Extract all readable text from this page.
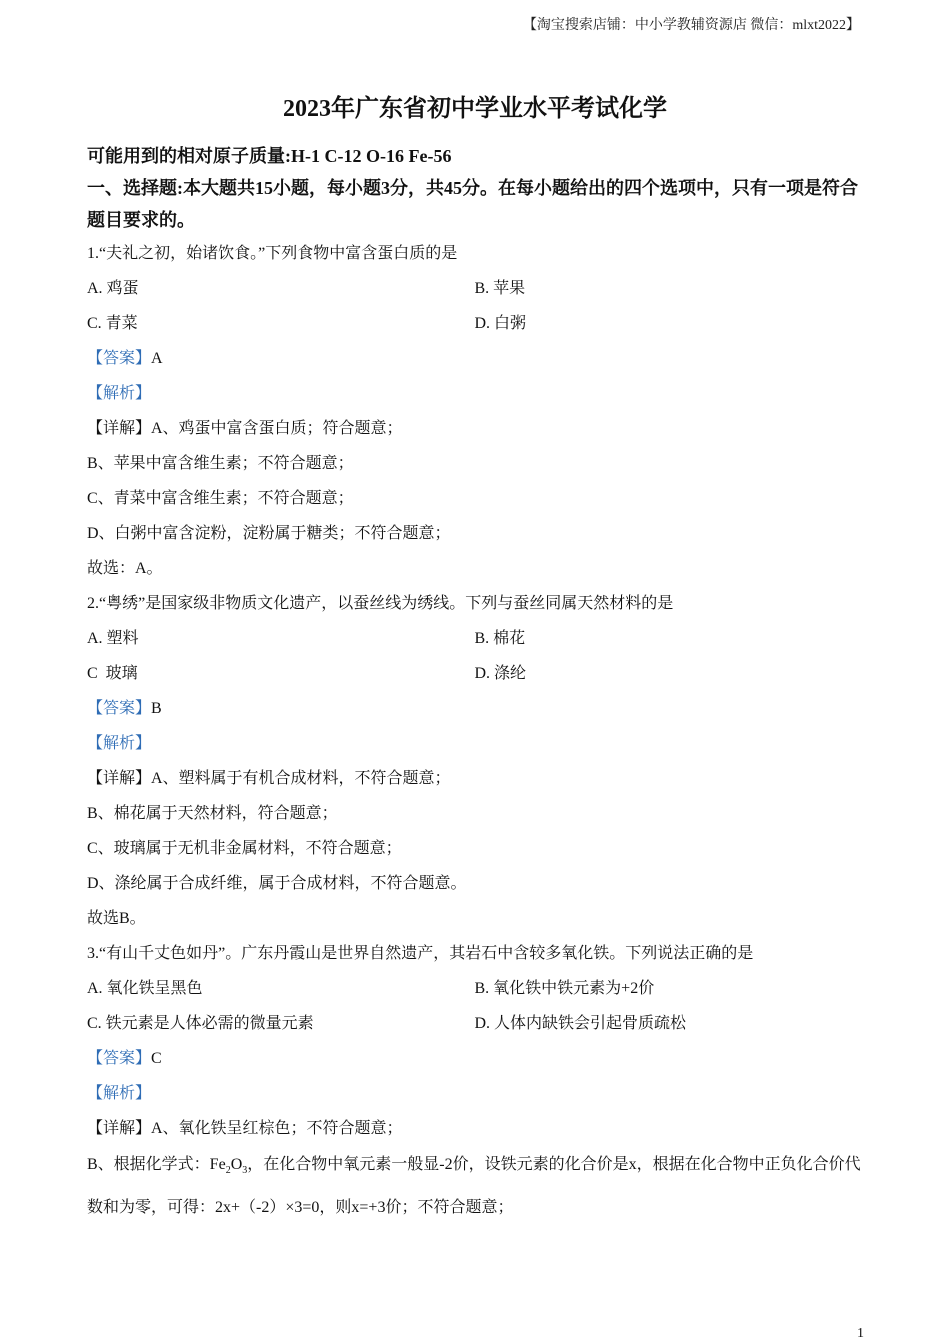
【淘宝搜索店铺：中小学教辅资源店 微信：mlxt2022】
2023年广东省初中学业水平考试化学
可能用到的相对原子质量:H-1 C-12 O-16 Fe-56
一、选择题:本大题共15小题，每小题3分，共45分。在每小题给出的四个选项中，只有一项是符合题目要求的。
1.“夫礼之初，始诸饮食。”下列食物中富含蛋白质的是
A. 鸡蛋	B. 苹果
C. 青菜	D. 白粥
【答案】A
【解析】
【详解】A、鸡蛋中富含蛋白质；符合题意；
B、苹果中富含维生素；不符合题意；
C、青菜中富含维生素；不符合题意；
D、白粥中富含淀粉，淀粉属于糖类；不符合题意；
故选：A。
2.“粤绣”是国家级非物质文化遗产，以蚕丝线为绣线。下列与蚕丝同属天然材料的是
A. 塑料	B. 棉花
C  玻璃	D. 涤纶
【答案】B
【解析】
【详解】A、塑料属于有机合成材料，不符合题意；
B、棉花属于天然材料，符合题意；
C、玻璃属于无机非金属材料，不符合题意；
D、涤纶属于合成纤维，属于合成材料，不符合题意。
故选B。
3.“有山千丈色如丹”。广东丹霞山是世界自然遗产，其岩石中含较多氧化铁。下列说法正确的是
A. 氧化铁呈黑色	B. 氧化铁中铁元素为+2价
C. 铁元素是人体必需的微量元素	D. 人体内缺铁会引起骨质疏松
【答案】C
【解析】
【详解】A、氧化铁呈红棕色；不符合题意；
B、根据化学式：$Fe_2O_3$，在化合物中氧元素一般显-2价，设铁元素的化合价是x，根据在化合物中正负化合价代数和为零，可得：2x+（-2）×3=0，则x=+3价；不符合题意；
1
